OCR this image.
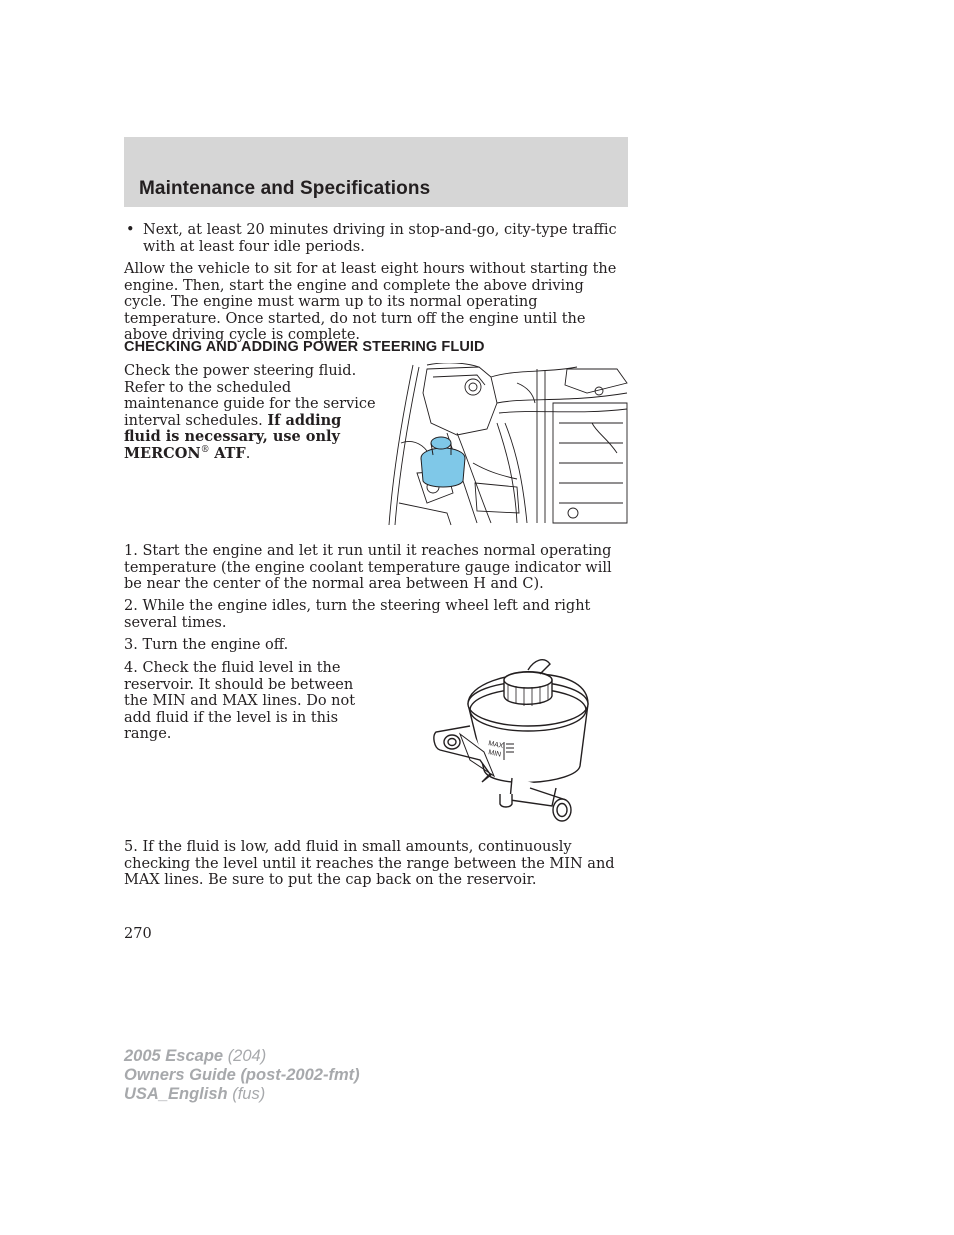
Maintenance and Specifications
• Next, at least 20 minutes driving in stop-and-go, city-type traffic with at least four idle periods.
Allow the vehicle to sit for at least eight hours without starting the engine. Then, start the engine and complete the above driving cycle. The engine must warm up to its normal operating temperature. Once started, do not turn off the engine until the above driving cycle is complete.
CHECKING AND ADDING POWER STEERING FLUID
Check the power steering fluid. Refer to the scheduled maintenance guide for the service interval schedules. If adding fluid is necessary, use only MERCON® ATF.
1. Start the engine and let it run until it reaches normal operating temperature (the engine coolant temperature gauge indicator will be near the center of the normal area between H and C).
2. While the engine idles, turn the steering wheel left and right several times.
3. Turn the engine off.
4. Check the fluid level in the reservoir. It should be between the MIN and MAX lines. Do not add fluid if the level is in this range.
MAX
MIN
5. If the fluid is low, add fluid in small amounts, continuously checking the level until it reaches the range between the MIN and MAX lines. Be sure to put the cap back on the reservoir.
270
2005 Escape (204)
Owners Guide (post-2002-fmt)
USA_English (fus)
